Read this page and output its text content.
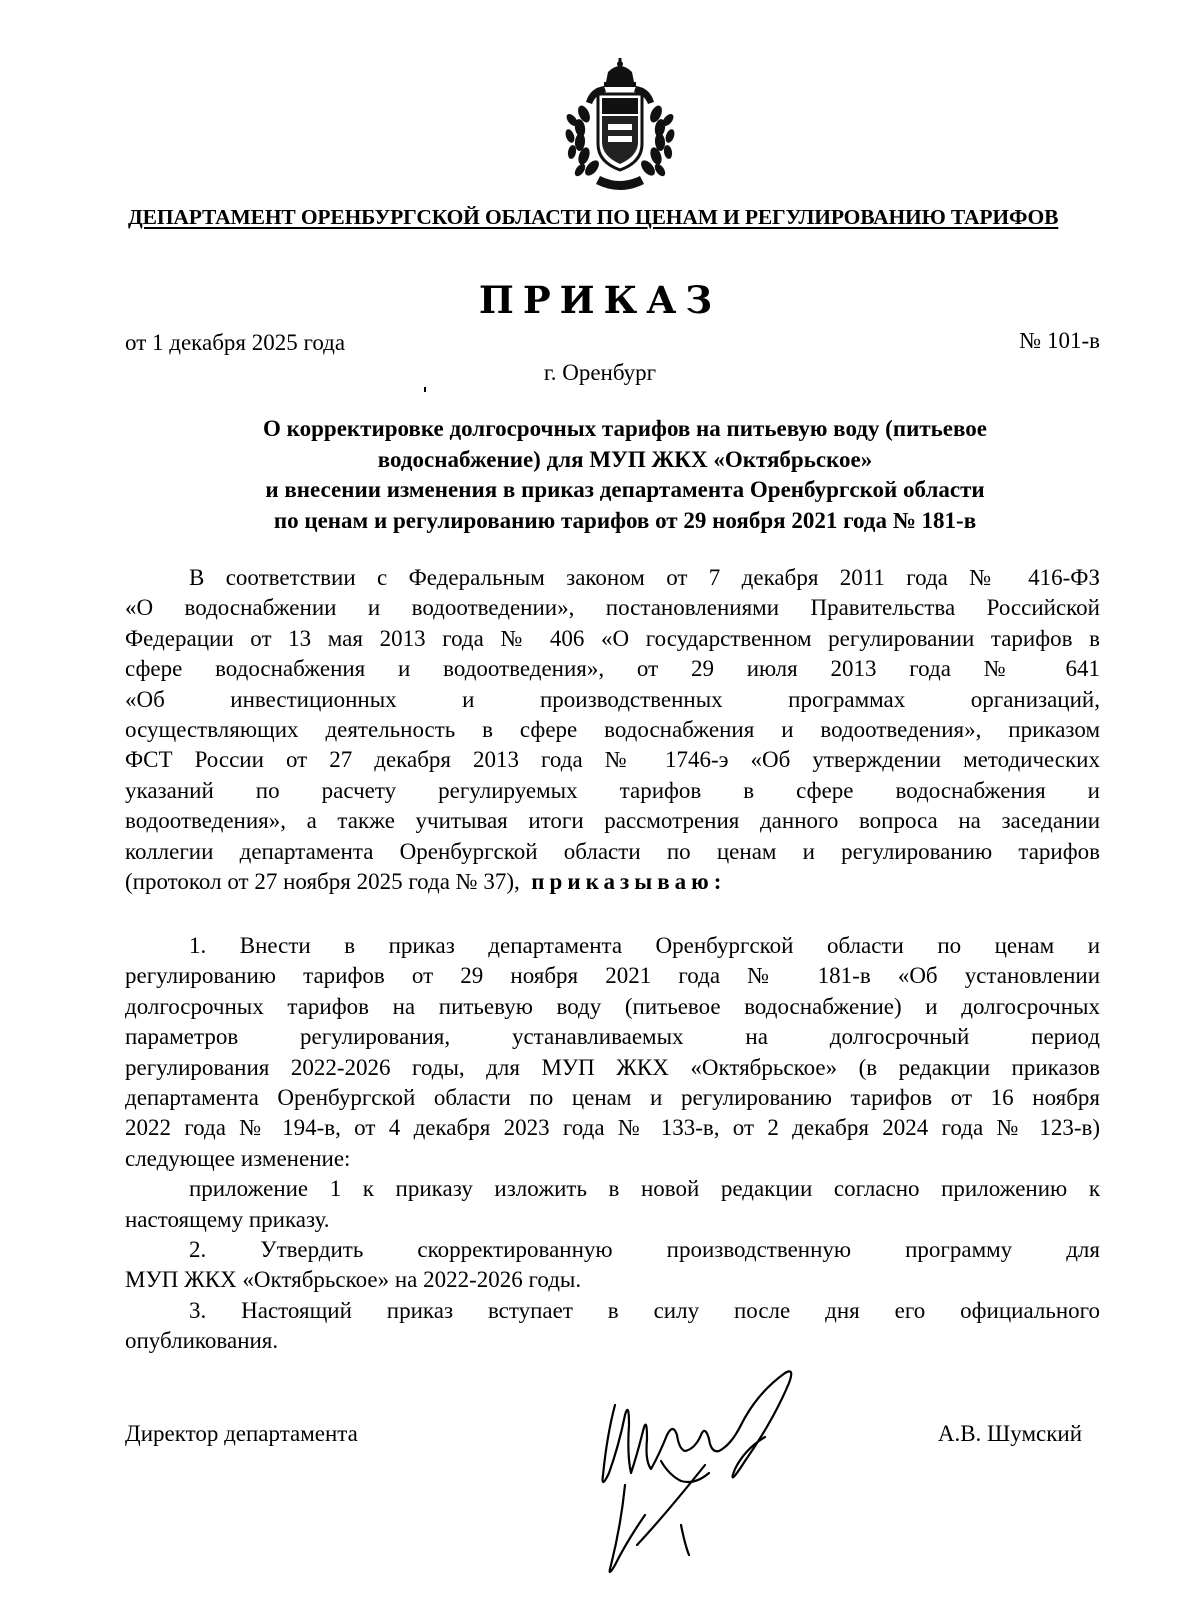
ДЕПАРТАМЕНТ ОРЕНБУРГСКОЙ ОБЛАСТИ ПО ЦЕНАМ И РЕГУЛИРОВАНИЮ ТАРИФОВ
ПРИКАЗ
от 1 декабря 2025 года	№ 101-в
г. Оренбург
О корректировке долгосрочных тарифов на питьевую воду (питьевое
водоснабжение) для МУП ЖКХ «Октябрьское»
и внесении изменения в приказ департамента Оренбургской области
по ценам и регулированию тарифов от 29 ноября 2021 года № 181-в
В соответствии с Федеральным законом от 7 декабря 2011 года № 416-ФЗ
«О водоснабжении и водоотведении», постановлениями Правительства Российской
Федерации от 13 мая 2013 года № 406 «О государственном регулировании тарифов в
сфере водоснабжения и водоотведения», от 29 июля 2013 года № 641
«Об инвестиционных и производственных программах организаций,
осуществляющих деятельность в сфере водоснабжения и водоотведения», приказом
ФСТ России от 27 декабря 2013 года № 1746-э «Об утверждении методических
указаний по расчету регулируемых тарифов в сфере водоснабжения и
водоотведения», а также учитывая итоги рассмотрения данного вопроса на заседании
коллегии департамента Оренбургской области по ценам и регулированию тарифов
(протокол от 27 ноября 2025 года № 37), приказываю:
1. Внести в приказ департамента Оренбургской области по ценам и
регулированию тарифов от 29 ноября 2021 года № 181-в «Об установлении
долгосрочных тарифов на питьевую воду (питьевое водоснабжение) и долгосрочных
параметров регулирования, устанавливаемых на долгосрочный период
регулирования 2022-2026 годы, для МУП ЖКХ «Октябрьское» (в редакции приказов
департамента Оренбургской области по ценам и регулированию тарифов от 16 ноября
2022 года № 194-в, от 4 декабря 2023 года № 133-в, от 2 декабря 2024 года № 123-в)
следующее изменение:
приложение 1 к приказу изложить в новой редакции согласно приложению к
настоящему приказу.
2. Утвердить скорректированную производственную программу для
МУП ЖКХ «Октябрьское» на 2022-2026 годы.
3. Настоящий приказ вступает в силу после дня его официального
опубликования.
Директор департамента	А.В. Шумский
